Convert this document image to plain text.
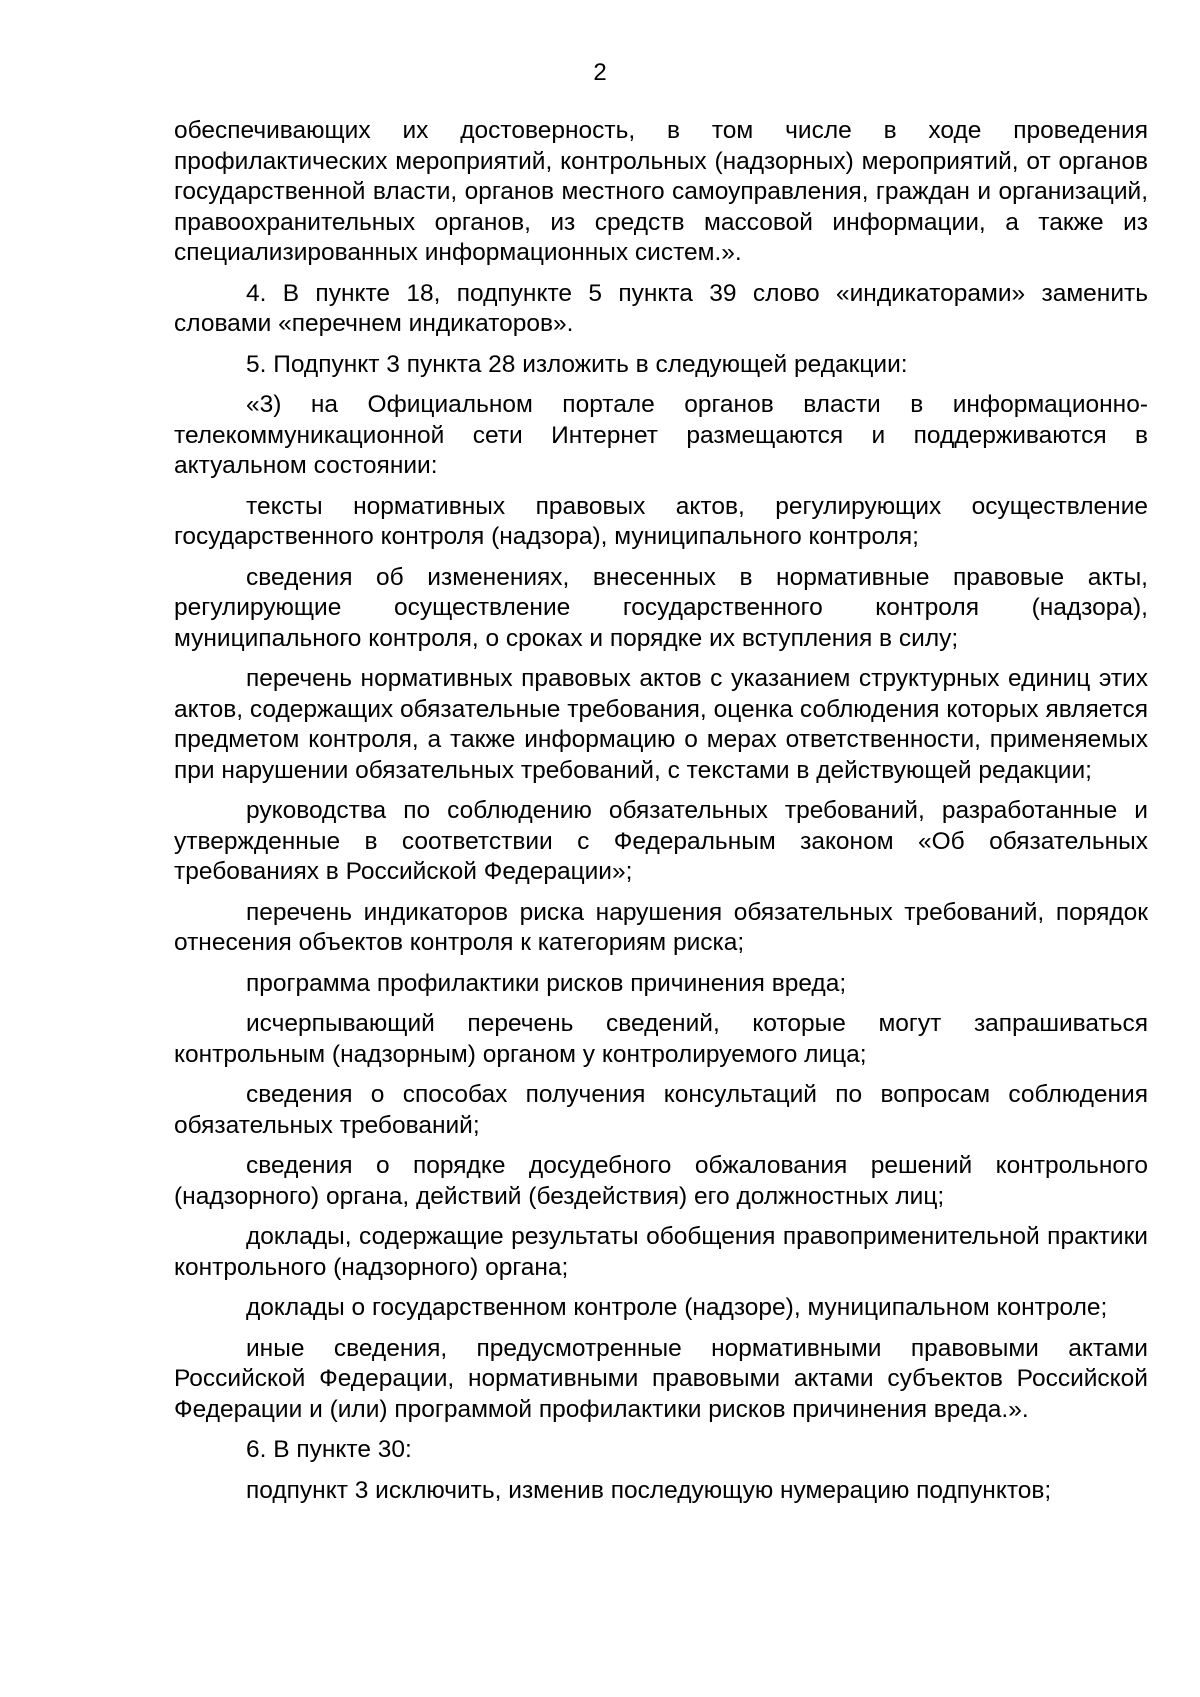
2

обеспечивающих их достоверность, в том числе в ходе проведения профилактических мероприятий, контрольных (надзорных) мероприятий, от органов государственной власти, органов местного самоуправления, граждан и организаций, правоохранительных органов, из средств массовой информации, а также из специализированных информационных систем.».

4. В пункте 18, подпункте 5 пункта 39 слово «индикаторами» заменить словами «перечнем индикаторов».

5. Подпункт 3 пункта 28 изложить в следующей редакции:

«3) на Официальном портале органов власти в информационно-телекоммуникационной сети Интернет размещаются и поддерживаются в актуальном состоянии:

тексты нормативных правовых актов, регулирующих осуществление государственного контроля (надзора), муниципального контроля;

сведения об изменениях, внесенных в нормативные правовые акты, регулирующие осуществление государственного контроля (надзора), муниципального контроля, о сроках и порядке их вступления в силу;

перечень нормативных правовых актов с указанием структурных единиц этих актов, содержащих обязательные требования, оценка соблюдения которых является предметом контроля, а также информацию о мерах ответственности, применяемых при нарушении обязательных требований, с текстами в действующей редакции;

руководства по соблюдению обязательных требований, разработанные и утвержденные в соответствии с Федеральным законом «Об обязательных требованиях в Российской Федерации»;

перечень индикаторов риска нарушения обязательных требований, порядок отнесения объектов контроля к категориям риска;

программа профилактики рисков причинения вреда;

исчерпывающий перечень сведений, которые могут запрашиваться контрольным (надзорным) органом у контролируемого лица;

сведения о способах получения консультаций по вопросам соблюдения обязательных требований;

сведения о порядке досудебного обжалования решений контрольного (надзорного) органа, действий (бездействия) его должностных лиц;

доклады, содержащие результаты обобщения правоприменительной практики контрольного (надзорного) органа;

доклады о государственном контроле (надзоре), муниципальном контроле;

иные сведения, предусмотренные нормативными правовыми актами Российской Федерации, нормативными правовыми актами субъектов Российской Федерации и (или) программой профилактики рисков причинения вреда.».

6. В пункте 30:

подпункт 3 исключить, изменив последующую нумерацию подпунктов;
